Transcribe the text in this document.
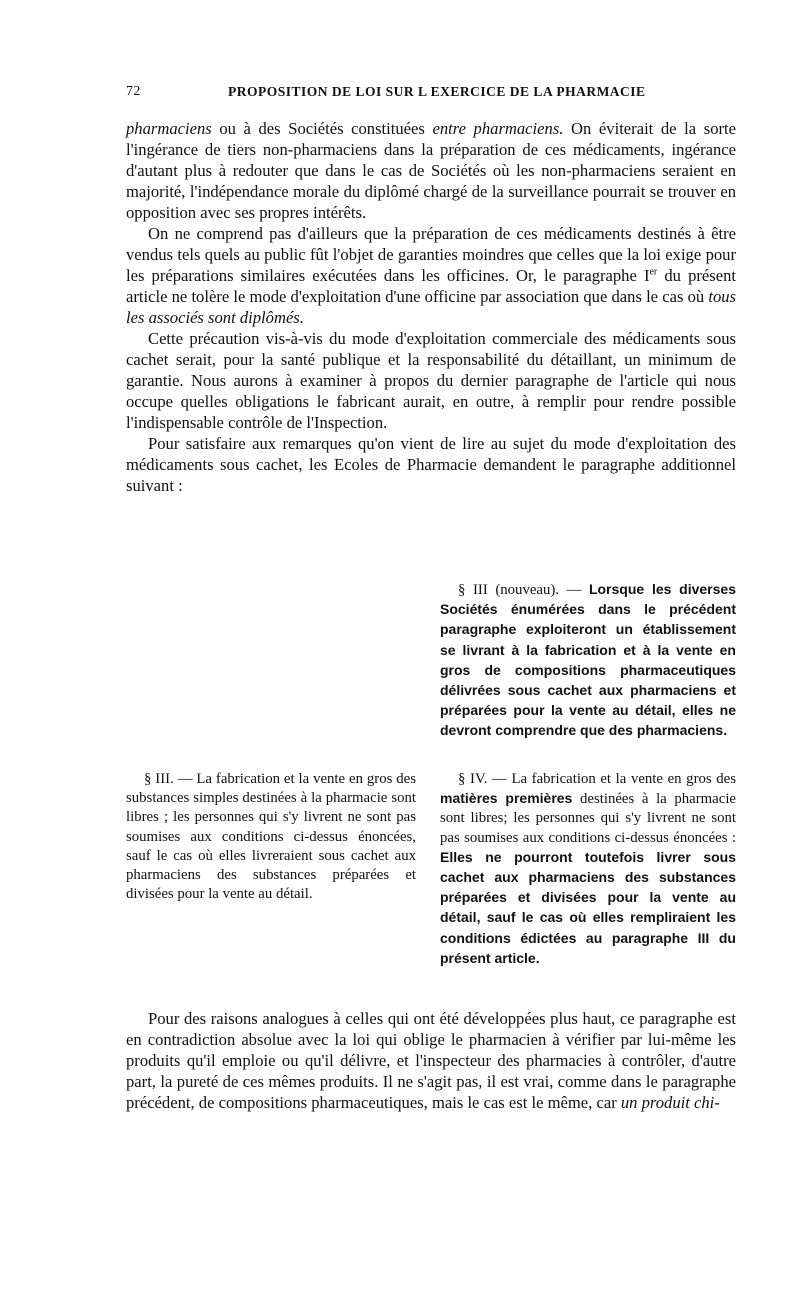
72	PROPOSITION DE LOI SUR L EXERCICE DE LA PHARMACIE

pharmaciens ou à des Sociétés constituées entre pharmaciens. On éviterait de la sorte l'ingérance de tiers non-pharmaciens dans la préparation de ces médicaments, ingérance d'autant plus à redouter que dans le cas de Sociétés où les non-pharmaciens seraient en majorité, l'indépendance morale du diplômé chargé de la surveillance pourrait se trouver en opposition avec ses propres intérêts.

On ne comprend pas d'ailleurs que la préparation de ces médicaments destinés à être vendus tels quels au public fût l'objet de garanties moindres que celles que la loi exige pour les préparations similaires exécutées dans les officines. Or, le paragraphe Ier du présent article ne tolère le mode d'exploitation d'une officine par association que dans le cas où tous les associés sont diplômés.

Cette précaution vis-à-vis du mode d'exploitation commerciale des médicaments sous cachet serait, pour la santé publique et la responsabilité du détaillant, un minimum de garantie. Nous aurons à examiner à propos du dernier paragraphe de l'article qui nous occupe quelles obligations le fabricant aurait, en outre, à remplir pour rendre possible l'indispensable contrôle de l'Inspection.

Pour satisfaire aux remarques qu'on vient de lire au sujet du mode d'exploitation des médicaments sous cachet, les Ecoles de Pharmacie demandent le paragraphe additionnel suivant :

§ III (nouveau). — Lorsque les diverses Sociétés énumérées dans le précédent paragraphe exploiteront un établissement se livrant à la fabrication et à la vente en gros de compositions pharmaceutiques délivrées sous cachet aux pharmaciens et préparées pour la vente au détail, elles ne devront comprendre que des pharmaciens.

§ III. — La fabrication et la vente en gros des substances simples destinées à la pharmacie sont libres ; les personnes qui s'y livrent ne sont pas soumises aux conditions ci-dessus énoncées, sauf le cas où elles livreraient sous cachet aux pharmaciens des substances préparées et divisées pour la vente au détail.

§ IV. — La fabrication et la vente en gros des matières premières destinées à la pharmacie sont libres; les personnes qui s'y livrent ne sont pas soumises aux conditions ci-dessus énoncées : Elles ne pourront toutefois livrer sous cachet aux pharmaciens des substances préparées et divisées pour la vente au détail, sauf le cas où elles rempliraient les conditions édictées au paragraphe III du présent article.

Pour des raisons analogues à celles qui ont été développées plus haut, ce paragraphe est en contradiction absolue avec la loi qui oblige le pharmacien à vérifier par lui-même les produits qu'il emploie ou qu'il délivre, et l'inspecteur des pharmacies à contrôler, d'autre part, la pureté de ces mêmes produits. Il ne s'agit pas, il est vrai, comme dans le paragraphe précédent, de compositions pharmaceutiques, mais le cas est le même, car un produit chi-
